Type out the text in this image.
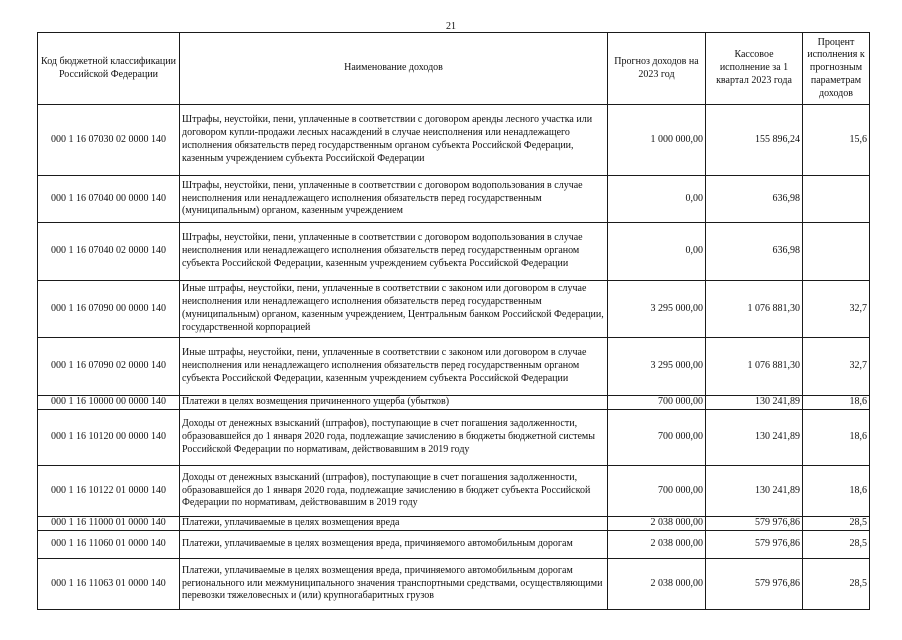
21
Код бюджетной классификации Российской Федерации	Наименование доходов	Прогноз доходов на 2023 год	Кассовое исполнение за 1 квартал 2023 года	Процент исполнения к прогнозным параметрам доходов
000 1 16 07030 02 0000 140	Штрафы, неустойки, пени, уплаченные в соответствии с договором аренды лесного участка или договором купли-продажи лесных насаждений в случае неисполнения или ненадлежащего исполнения обязательств перед государственным органом субъекта Российской Федерации, казенным учреждением субъекта Российской Федерации	1 000 000,00	155 896,24	15,6
000 1 16 07040 00 0000 140	Штрафы, неустойки, пени, уплаченные в соответствии с договором водопользования в случае неисполнения или ненадлежащего исполнения обязательств перед государственным (муниципальным) органом, казенным учреждением	0,00	636,98	
000 1 16 07040 02 0000 140	Штрафы, неустойки, пени, уплаченные в соответствии с договором водопользования в случае неисполнения или ненадлежащего исполнения обязательств перед государственным органом субъекта Российской Федерации, казенным учреждением субъекта Российской Федерации	0,00	636,98	
000 1 16 07090 00 0000 140	Иные штрафы, неустойки, пени, уплаченные в соответствии с законом или договором в случае неисполнения или ненадлежащего исполнения обязательств перед государственным (муниципальным) органом, казенным учреждением, Центральным банком Российской Федерации, государственной корпорацией	3 295 000,00	1 076 881,30	32,7
000 1 16 07090 02 0000 140	Иные штрафы, неустойки, пени, уплаченные в соответствии с законом или договором в случае неисполнения или ненадлежащего исполнения обязательств перед государственным органом субъекта Российской Федерации, казенным учреждением субъекта Российской Федерации	3 295 000,00	1 076 881,30	32,7
000 1 16 10000 00 0000 140	Платежи в целях возмещения причиненного ущерба (убытков)	700 000,00	130 241,89	18,6
000 1 16 10120 00 0000 140	Доходы от денежных взысканий (штрафов), поступающие в счет погашения задолженности, образовавшейся до 1 января 2020 года, подлежащие зачислению в бюджеты бюджетной системы Российской Федерации по нормативам, действовавшим в 2019 году	700 000,00	130 241,89	18,6
000 1 16 10122 01 0000 140	Доходы от денежных взысканий (штрафов), поступающие в счет погашения задолженности, образовавшейся до 1 января 2020 года, подлежащие зачислению в бюджет субъекта Российской Федерации по нормативам, действовавшим в 2019 году	700 000,00	130 241,89	18,6
000 1 16 11000 01 0000 140	Платежи, уплачиваемые в целях возмещения вреда	2 038 000,00	579 976,86	28,5
000 1 16 11060 01 0000 140	Платежи, уплачиваемые в целях возмещения вреда, причиняемого автомобильным дорогам	2 038 000,00	579 976,86	28,5
000 1 16 11063 01 0000 140	Платежи, уплачиваемые в целях возмещения вреда, причиняемого автомобильным дорогам регионального или межмуниципального значения транспортными средствами, осуществляющими перевозки тяжеловесных и (или) крупногабаритных грузов	2 038 000,00	579 976,86	28,5
